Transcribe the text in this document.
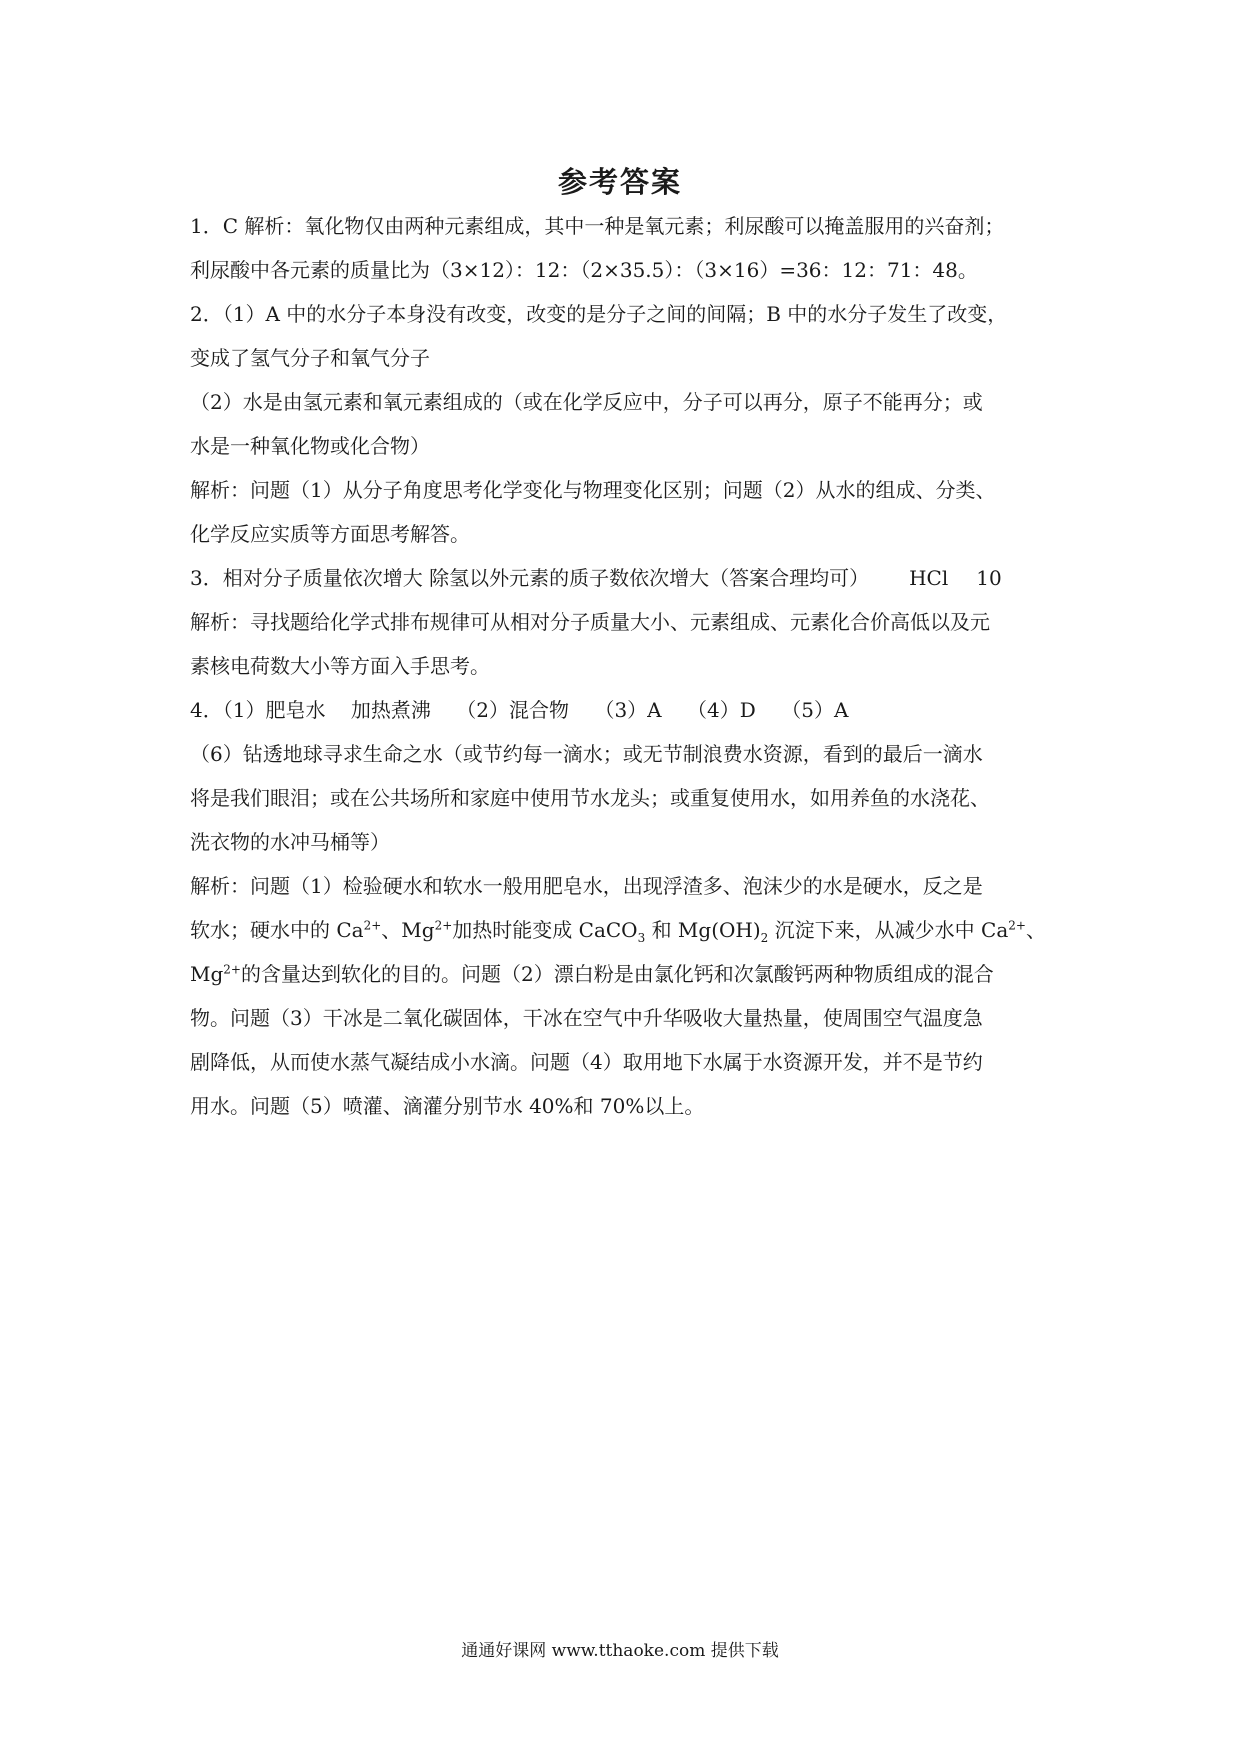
参考答案

1．C 解析：氧化物仅由两种元素组成，其中一种是氧元素；利尿酸可以掩盖服用的兴奋剂；

利尿酸中各元素的质量比为（3×12）：12：（2×35.5）：（3×16）=36：12：71：48。

2．（1）A 中的水分子本身没有改变，改变的是分子之间的间隔；B 中的水分子发生了改变，

变成了氢气分子和氧气分子

（2）水是由氢元素和氧元素组成的（或在化学反应中，分子可以再分，原子不能再分；或

水是一种氧化物或化合物）

解析：问题（1）从分子角度思考化学变化与物理变化区别；问题（2）从水的组成、分类、

化学反应实质等方面思考解答。

3．相对分子质量依次增大 除氢以外元素的质子数依次增大（答案合理均可） HCl 10

解析：寻找题给化学式排布规律可从相对分子质量大小、元素组成、元素化合价高低以及元

素核电荷数大小等方面入手思考。

4．（1）肥皂水    加热煮沸    （2）混合物    （3）A    （4）D    （5）A

（6）钻透地球寻求生命之水（或节约每一滴水；或无节制浪费水资源，看到的最后一滴水

将是我们眼泪；或在公共场所和家庭中使用节水龙头；或重复使用水，如用养鱼的水浇花、

洗衣物的水冲马桶等）

解析：问题（1）检验硬水和软水一般用肥皂水，出现浮渣多、泡沫少的水是硬水，反之是

软水；硬水中的 $Ca^{2+}$、$Mg^{2+}$加热时能变成 CaCO$_3$ 和 $Mg(OH)_2$ 沉淀下来，从减少水中 $Ca^{2+}$、

$Mg^{2+}$的含量达到软化的目的。问题（2）漂白粉是由氯化钙和次氯酸钙两种物质组成的混合

物。问题（3）干冰是二氧化碳固体，干冰在空气中升华吸收大量热量，使周围空气温度急

剧降低，从而使水蒸气凝结成小水滴。问题（4）取用地下水属于水资源开发，并不是节约

用水。问题（5）喷灌、滴灌分别节水 40%和 70%以上。

通通好课网 www.tthaoke.com 提供下载
